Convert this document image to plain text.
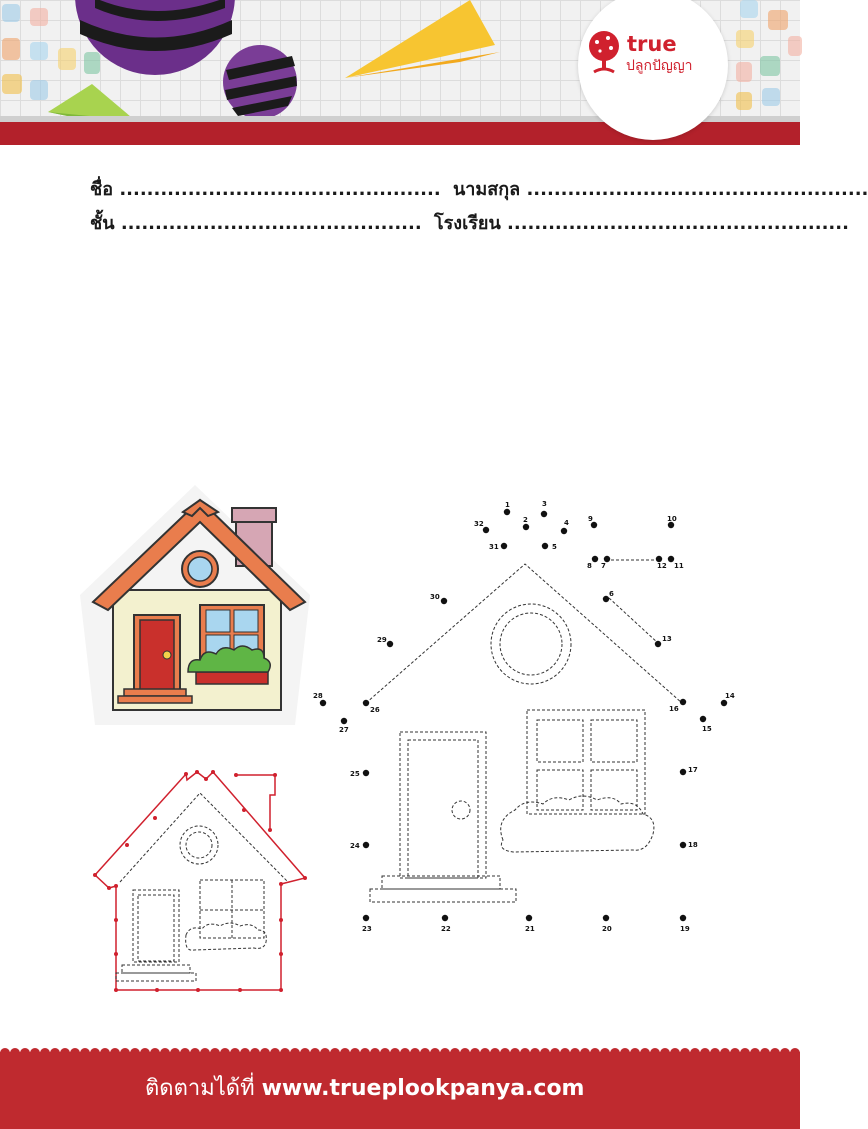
true
ปลูกปัญญา
ชื่อ ............................................... นามสกุล ..................................................
ชั้น ............................................ โรงเรียน ..................................................
1
2
3
4
5
6
7
8
9	10
11
12
13
14
15
16
17
18
19
20
21
22
23
24
25
26
27
28
29
30
31
32
ติดตามได้ที่ www.trueplookpanya.com
